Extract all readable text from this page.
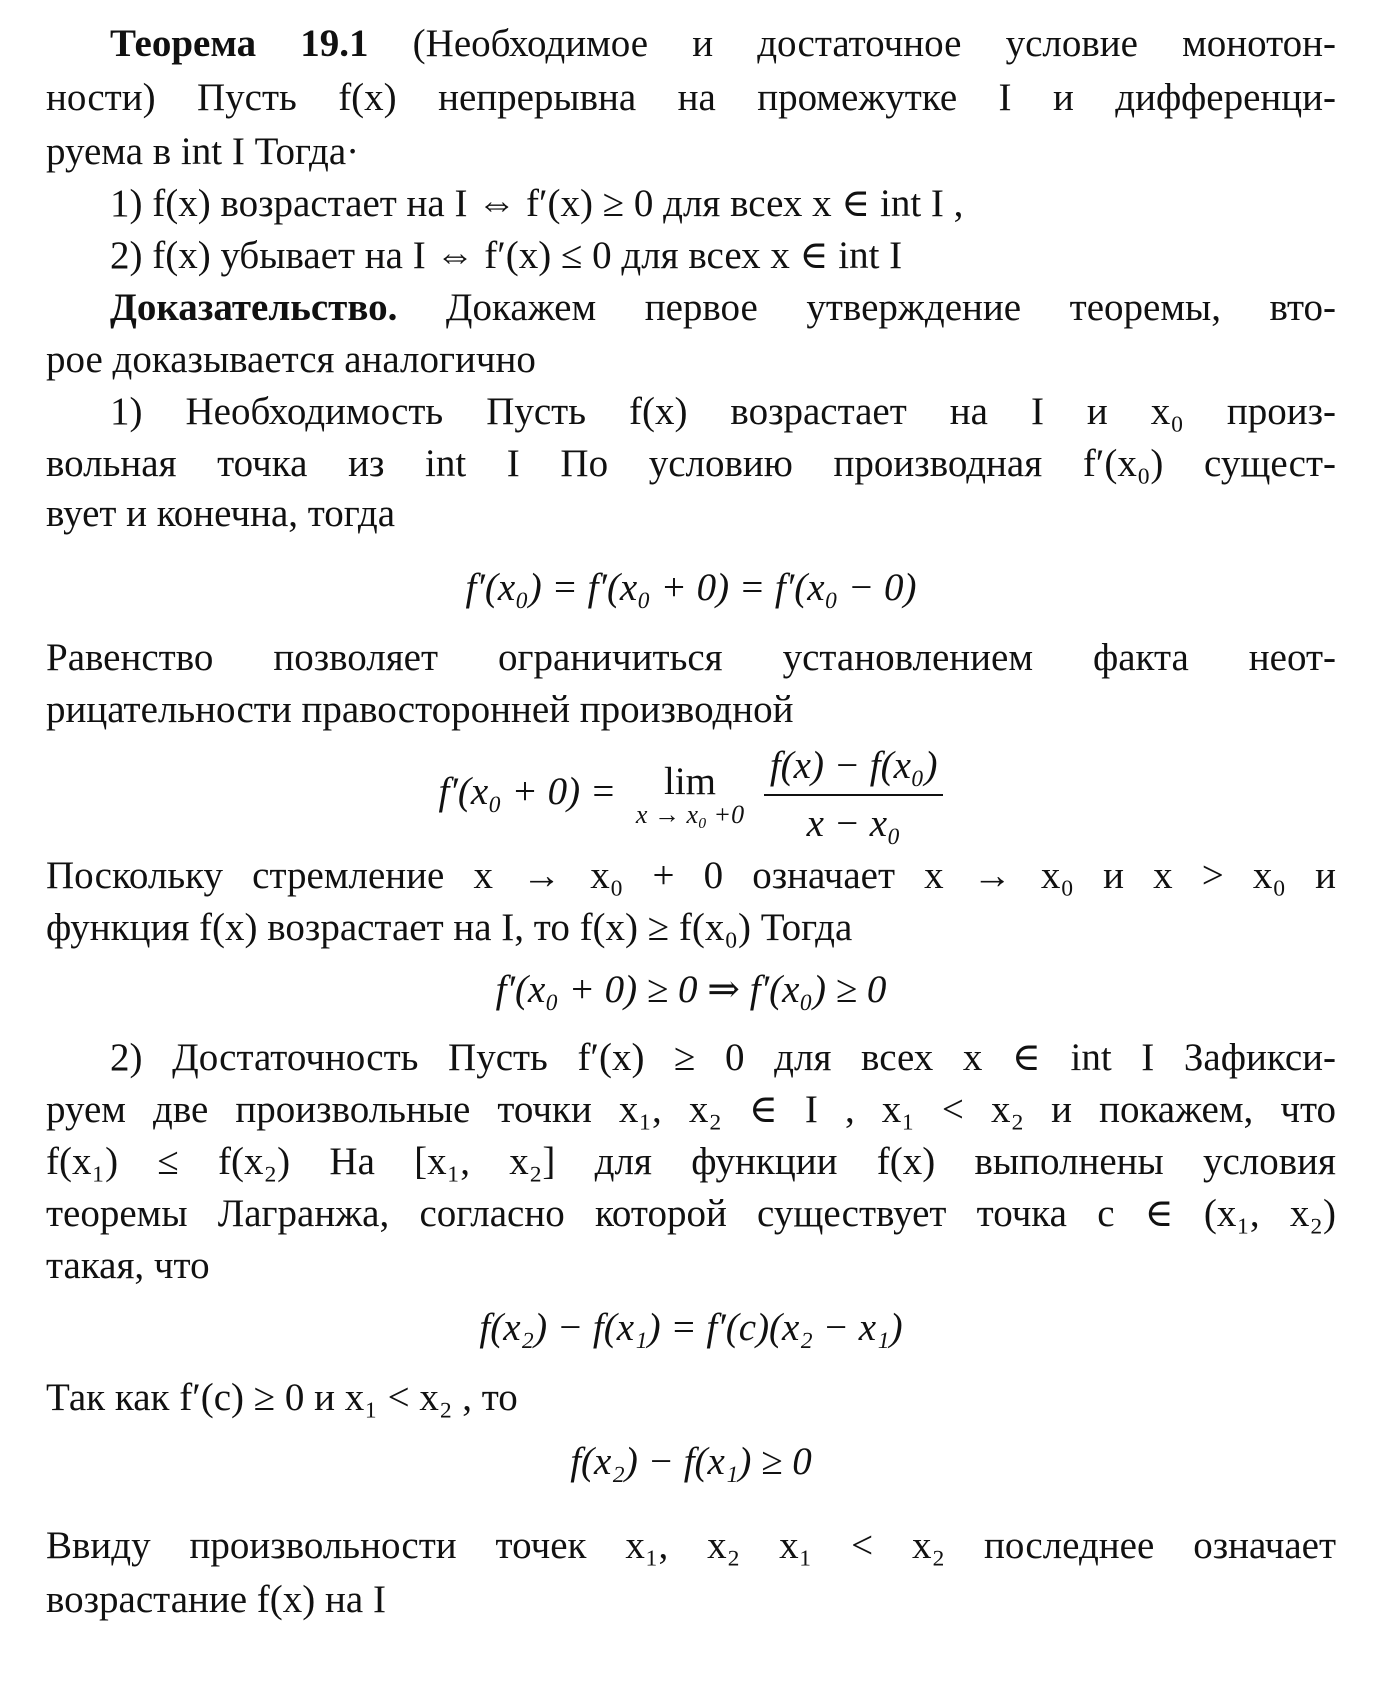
Теорема 19.1 (Необходимое и достаточное условие монотон-
ности) Пусть f(x) непрерывна на промежутке I и дифференци-
руема в int I Тогда·
1) f(x) возрастает на I ⇔ f′(x) ≥ 0 для всех x ∈ int I ,
2) f(x) убывает на I ⇔ f′(x) ≤ 0 для всех x ∈ int I
Доказательство. Докажем первое утверждение теоремы, вто-
рое доказывается аналогично
1) Необходимость Пусть f(x) возрастает на I и x₀ произ-
вольная точка из int I По условию производная f′(x₀) сущест-
вует и конечна, тогда
f′(x₀) = f′(x₀ + 0) = f′(x₀ − 0)
Равенство позволяет ограничиться установлением факта неот-
рицательности правосторонней производной
f′(x₀ + 0) =	lim
x → x₀ +0
$\frac{\text{f(x) − f(x₀)}}{\text{x − x₀}}$
Поскольку стремление x → x₀ + 0 означает x → x₀ и x > x₀ и
функция f(x) возрастает на I, то f(x) ≥ f(x₀) Тогда
f′(x₀ + 0) ≥ 0 ⇒ f′(x₀) ≥ 0
2) Достаточность Пусть f′(x) ≥ 0 для всех x ∈ int I Зафикси-
руем две произвольные точки x₁, x₂ ∈ I , x₁ < x₂ и покажем, что
f(x₁) ≤ f(x₂) На [x₁, x₂] для функции f(x) выполнены условия
теоремы Лагранжа, согласно которой существует точка c ∈ (x₁, x₂)
такая, что
f(x₂) − f(x₁) = f′(c)(x₂ − x₁)
Так как f′(c) ≥ 0 и x₁ < x₂ , то
f(x₂) − f(x₁) ≥ 0
Ввиду произвольности точек x₁, x₂ x₁ < x₂ последнее означает
возрастание f(x) на I
